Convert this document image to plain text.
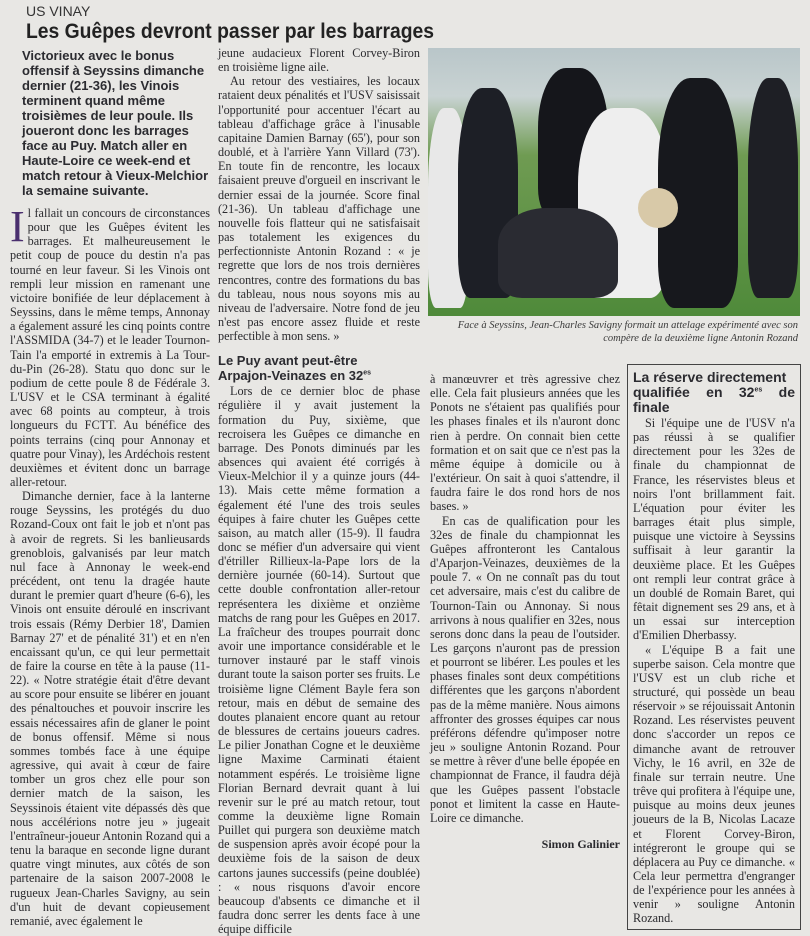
US VINAY
Les Guêpes devront passer par les barrages
Victorieux avec le bonus offensif à Seyssins dimanche dernier (21-36), les Vinois terminent quand même troisièmes de leur poule. Ils joueront donc les barrages face au Puy. Match aller en Haute-Loire ce week-end et match retour à Vieux-Melchior la semaine suivante.

Il fallait un concours de circonstances pour que les Guêpes évitent les barrages. Et malheureusement le petit coup de pouce du destin n'a pas tourné en leur faveur. Si les Vinois ont rempli leur mission en ramenant une victoire bonifiée de leur déplacement à Seyssins, dans le même temps, Annonay a également assuré les cinq points contre l'ASSMIDA (34-7) et le leader Tournon-Tain l'a emporté in extremis à La Tour-du-Pin (26-28). Statu quo donc sur le podium de cette poule 8 de Fédérale 3. L'USV et le CSA terminant à égalité avec 68 points au compteur, à trois longueurs du FCTT. Au bénéfice des points terrains (cinq pour Annonay et quatre pour Vinay), les Ardéchois restent deuxièmes et évitent donc un barrage aller-retour.

Dimanche dernier, face à la lanterne rouge Seyssins, les protégés du duo Rozand-Coux ont fait le job et n'ont pas à avoir de regrets. Si les banlieusards grenoblois, galvanisés par leur match nul face à Annonay le week-end précédent, ont tenu la dragée haute durant le premier quart d'heure (6-6), les Vinois ont ensuite déroulé en inscrivant trois essais (Rémy Derbier 18', Damien Barnay 27' et de pénalité 31') et en n'en encaissant qu'un, ce qui leur permettait de faire la course en tête à la pause (11-22). « Notre stratégie était d'être devant au score pour ensuite se libérer en jouant des pénaltouches et pouvoir inscrire les essais nécessaires afin de glaner le point de bonus offensif. Même si nous sommes tombés face à une équipe agressive, qui avait à cœur de faire tomber un gros chez elle pour son dernier match de la saison, les Seyssinois étaient vite dépassés dès que nous accélérions notre jeu » jugeait l'entraîneur-joueur Antonin Rozand qui a tenu la baraque en seconde ligne durant quatre vingt minutes, aux côtés de son partenaire de la saison 2007-2008 le rugueux Jean-Charles Savigny, au sein d'un huit de devant copieusement remanié, avec également le

jeune audacieux Florent Corvey-Biron en troisième ligne aile.

Au retour des vestiaires, les locaux rataient deux pénalités et l'USV saisissait l'opportunité pour accentuer l'écart au tableau d'affichage grâce à l'inusable capitaine Damien Barnay (65'), pour son doublé, et à l'arrière Yann Villard (73'). En toute fin de rencontre, les locaux faisaient preuve d'orgueil en inscrivant le dernier essai de la journée. Score final (21-36). Un tableau d'affichage une nouvelle fois flatteur qui ne satisfaisait pas totalement les exigences du perfectionniste Antonin Rozand : « je regrette que lors de nos trois dernières rencontres, contre des formations du bas du tableau, nous nous soyons mis au niveau de l'adversaire. Notre fond de jeu n'est pas encore assez fluide et reste perfectible à mon sens. »

Le Puy avant peut-être
Arpajon-Veinazes en $32^{es}$

Lors de ce dernier bloc de phase régulière il y avait justement la formation du Puy, sixième, que recroisera les Guêpes ce dimanche en barrage. Des Ponots diminués par les absences qui avaient été corrigés à Vieux-Melchior il y a quinze jours (44-13). Mais cette même formation a également été l'une des trois seules équipes à faire chuter les Guêpes cette saison, au match aller (15-9). Il faudra donc se méfier d'un adversaire qui vient d'étriller Rillieux-la-Pape lors de la dernière journée (60-14). Surtout que cette double confrontation aller-retour représentera les dixième et onzième matchs de rang pour les Guêpes en 2017. La fraîcheur des troupes pourrait donc avoir une importance considérable et le turnover instauré par le staff vinois durant toute la saison porter ses fruits. Le troisième ligne Clément Bayle fera son retour, mais en début de semaine des doutes planaient encore quant au retour de blessures de certains joueurs cadres. Le pilier Jonathan Cogne et le deuxième ligne Maxime Carminati étaient notamment espérés. Le troisième ligne Florian Bernard devrait quant à lui revenir sur le pré au match retour, tout comme la deuxième ligne Romain Puillet qui purgera son deuxième match de suspension après avoir écopé pour la deuxième fois de la saison de deux cartons jaunes successifs (peine doublée) : « nous risquons d'avoir encore beaucoup d'absents ce dimanche et il faudra donc serrer les dents face à une équipe difficile

Face à Seyssins, Jean-Charles Savigny formait un attelage expérimenté avec son compère de la deuxième ligne Antonin Rozand

à manœuvrer et très agressive chez elle. Cela fait plusieurs années que les Ponots ne s'étaient pas qualifiés pour les phases finales et ils n'auront donc rien à perdre. On connait bien cette formation et on sait que ce n'est pas la même équipe à domicile ou à l'extérieur. On sait à quoi s'attendre, il faudra faire le dos rond hors de nos bases. »

En cas de qualification pour les 32es de finale du championnat les Guêpes affronteront les Cantalous d'Aparjon-Veinazes, deuxièmes de la poule 7. « On ne connaît pas du tout cet adversaire, mais c'est du calibre de Tournon-Tain ou Annonay. Si nous arrivons à nous qualifier en 32es, nous serons donc dans la peau de l'outsider. Les garçons n'auront pas de pression et pourront se libérer. Les poules et les phases finales sont deux compétitions différentes que les garçons n'abordent pas de la même manière. Nous aimons affronter des grosses équipes car nous préférons défendre qu'imposer notre jeu » souligne Antonin Rozand. Pour se mettre à rêver d'une belle épopée en championnat de France, il faudra déjà que les Guêpes passent l'obstacle ponot et limitent la casse en Haute-Loire ce dimanche.

Simon Galinier
La réserve directement
qualifiée en $32^{es}$ de finale

Si l'équipe une de l'USV n'a pas réussi à se qualifier directement pour les 32es de finale du championnat de France, les réservistes bleus et noirs l'ont brillamment fait. L'équation pour éviter les barrages était plus simple, puisque une victoire à Seyssins suffisait à leur garantir la deuxième place. Et les Guêpes ont rempli leur contrat grâce à un doublé de Romain Baret, qui fêtait dignement ses 29 ans, et à un essai sur interception d'Emilien Dherbassy.

« L'équipe B a fait une superbe saison. Cela montre que l'USV est un club riche et structuré, qui possède un beau réservoir » se réjouissait Antonin Rozand. Les réservistes peuvent donc s'accorder un repos ce dimanche avant de retrouver Vichy, le 16 avril, en 32e de finale sur terrain neutre. Une trêve qui profitera à l'équipe une, puisque au moins deux jeunes joueurs de la B, Nicolas Lacaze et Florent Corvey-Biron, intégreront le groupe qui se déplacera au Puy ce dimanche. « Cela leur permettra d'engranger de l'expérience pour les années à venir » souligne Antonin Rozand.
